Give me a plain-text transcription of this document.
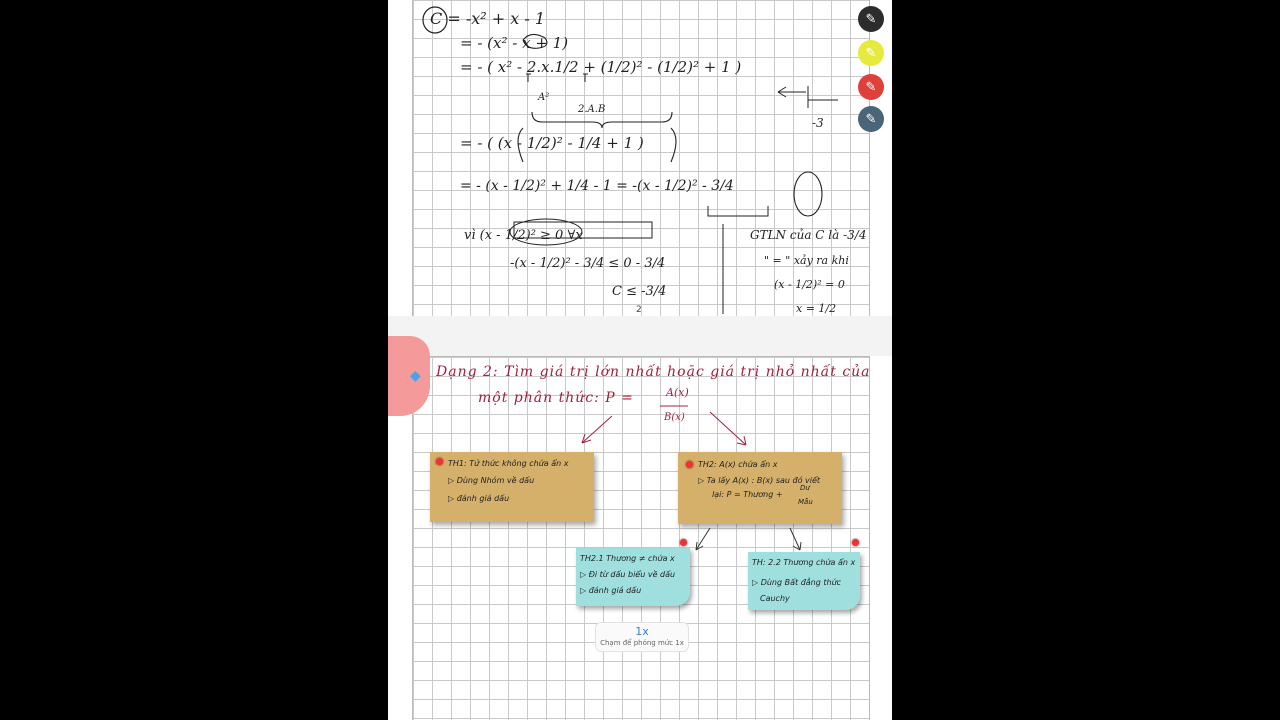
C = -x² + x - 1
= - (x² - x + 1)
= - ( x² - 2.x.1/2 + (1/2)² - (1/2)² + 1 )
A²
2.A.B
= - ( (x - 1/2)² - 1/4 + 1 )
= - (x - 1/2)² + 1/4 - 1 = -(x - 1/2)² - 3/4
vì (x - 1/2)² ≥ 0 ∀x
-(x - 1/2)² - 3/4 ≤ 0 - 3/4
C ≤ -3/4
GTLN của C là -3/4
" = " xảy ra khi
(x - 1/2)² = 0
x = 1/2
-3
2
◆ Dạng 2: Tìm giá trị lớn nhất hoặc giá trị nhỏ nhất của
một phân thức: P =	A(x)
B(x)
TH1: Tử thức không chứa ẩn x
▷ Dùng Nhóm về dấu
▷ đánh giá dấu
TH2: A(x) chứa ẩn x
▷ Ta lấy A(x) : B(x) sau đó viết
lại: P = Thương +
Dư
Mẫu
TH2.1 Thương ≠ chứa x
▷ Đi từ dấu biểu về dấu
▷ đánh giá dấu
TH: 2.2 Thương chứa ẩn x
▷ Dùng Bất đẳng thức
Cauchy
1x
Chạm để phóng mức 1x
✎
✎
✎
✎
